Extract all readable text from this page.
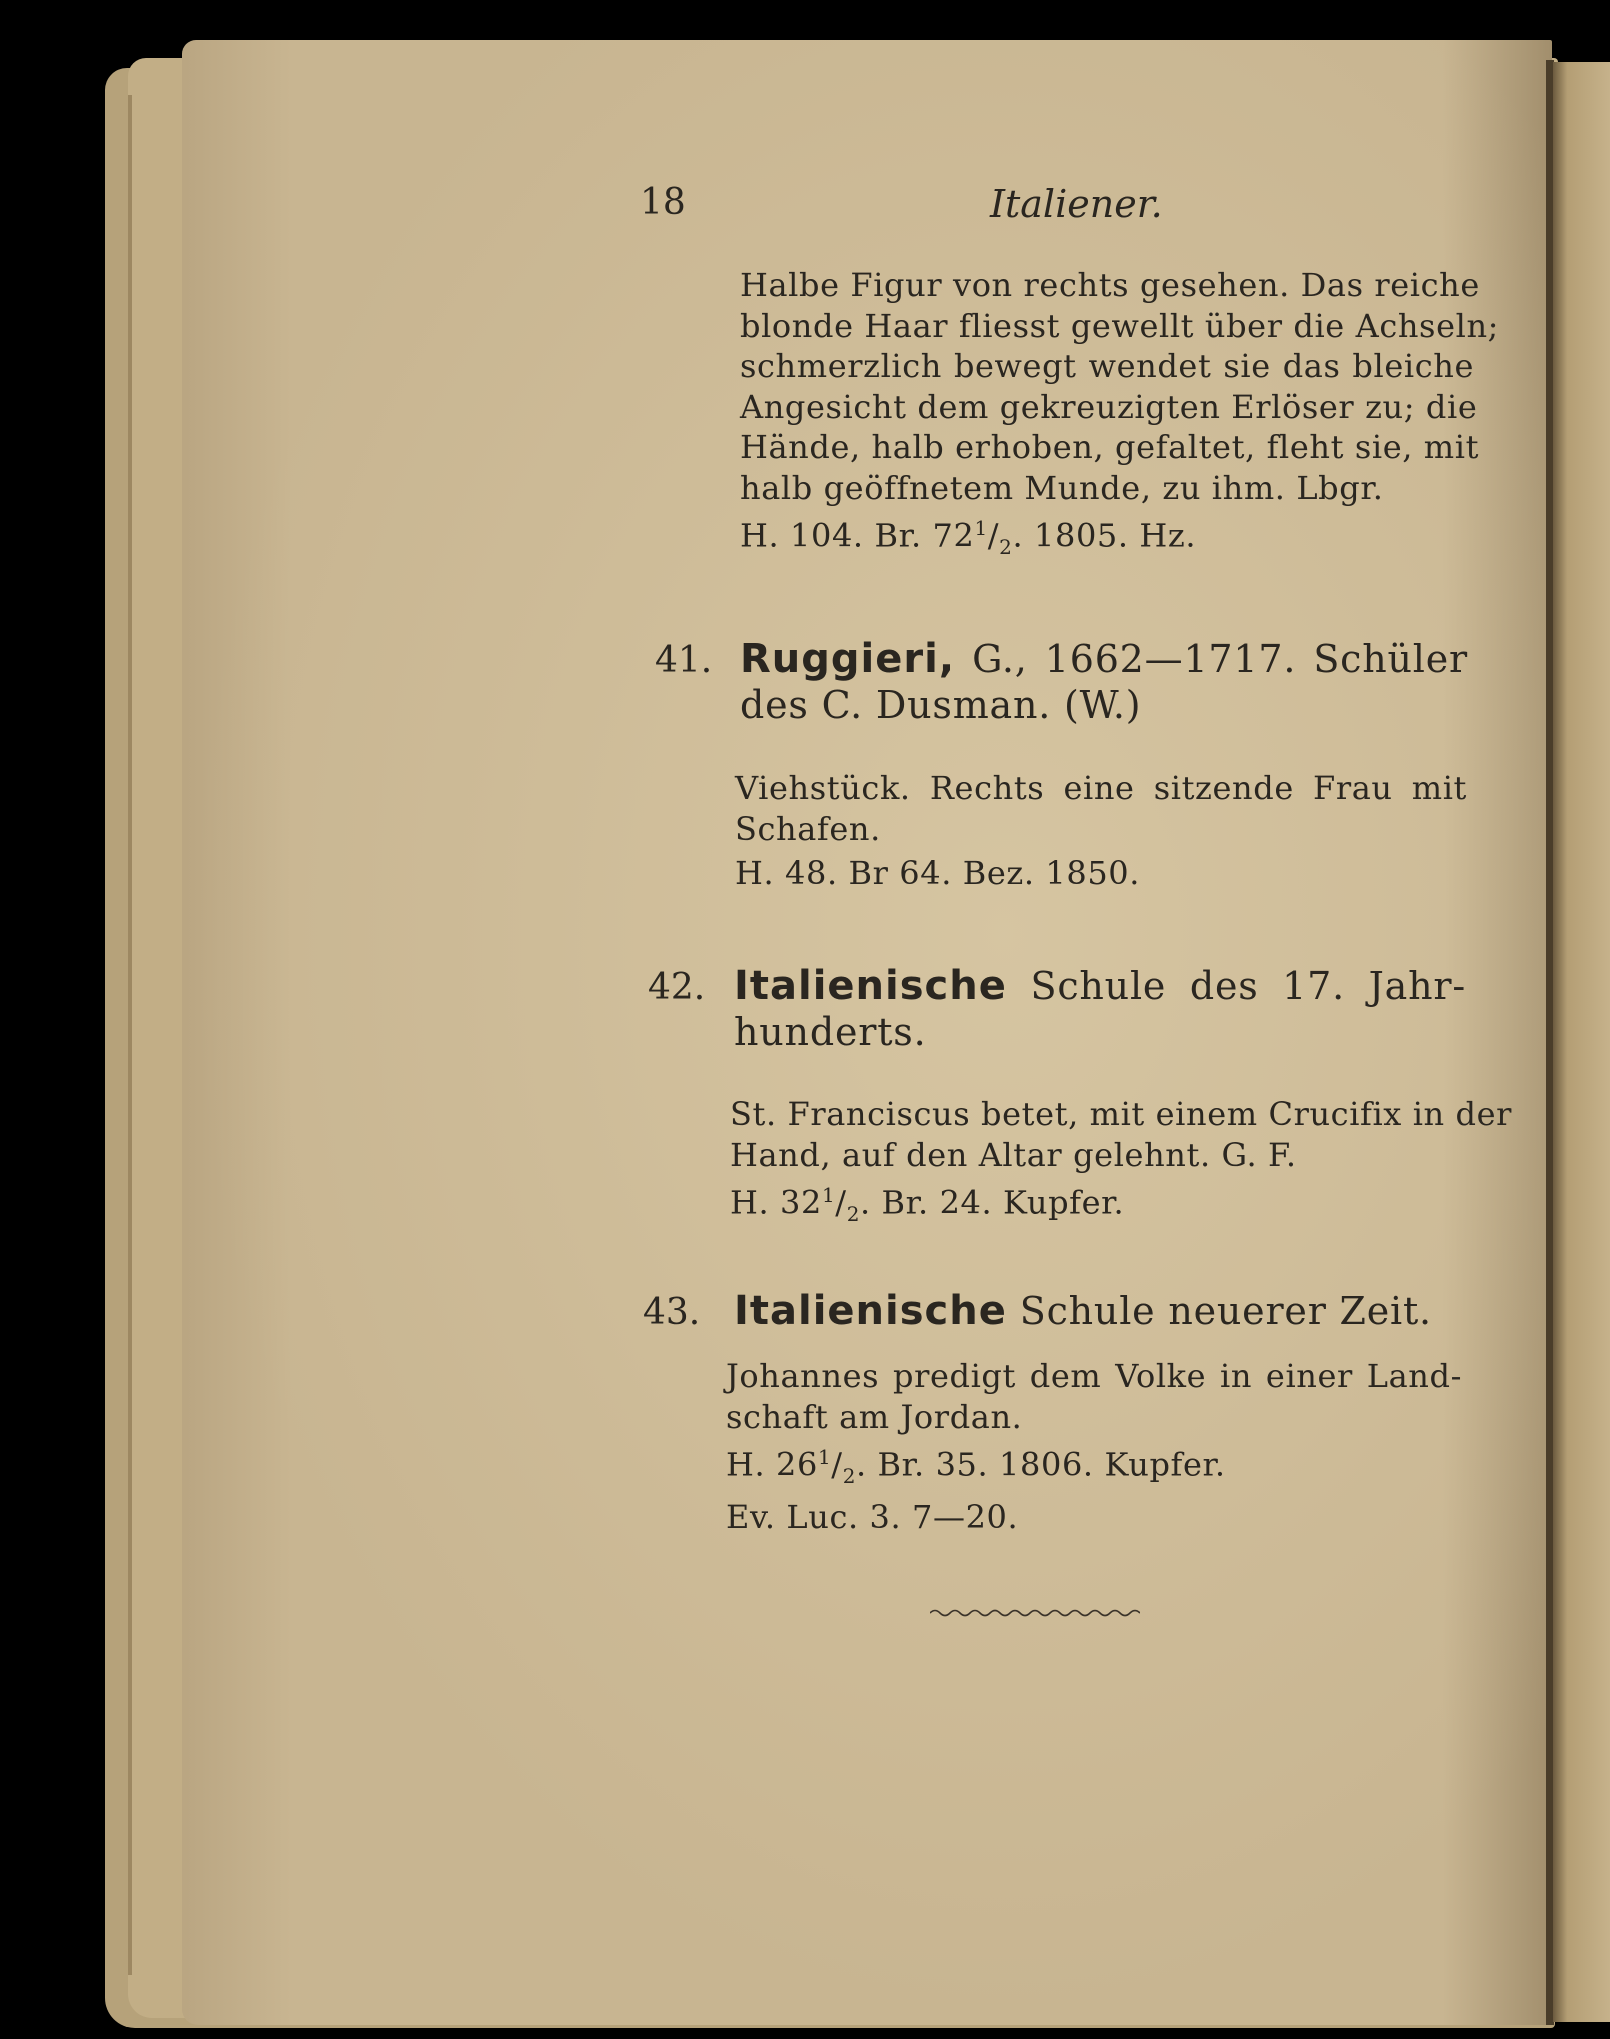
18	Italiener.
Halbe Figur von rechts gesehen. Das reiche
blonde Haar fliesst gewellt über die Achseln;
schmerzlich bewegt wendet sie das bleiche
Angesicht dem gekreuzigten Erlöser zu; die
Hände, halb erhoben, gefaltet, fleht sie, mit
halb geöffnetem Munde, zu ihm. Lbgr.
H. 104. Br. $72^1/_2$. 1805. Hz.
41. Ruggieri, G., 1662—1717. Schüler
des C. Dusman. (W.)
Viehstück. Rechts eine sitzende Frau mit
Schafen.
H. 48. Br 64. Bez. 1850.
42. Italienische Schule des 17. Jahr-
hunderts.
St. Franciscus betet, mit einem Crucifix in der
Hand, auf den Altar gelehnt. G. F.
H. $32^1/_2$. Br. 24. Kupfer.
43. Italienische Schule neuerer Zeit.
Johannes predigt dem Volke in einer Land-
schaft am Jordan.
H. $26^1/_2$. Br. 35. 1806. Kupfer.
Ev. Luc. 3. 7—20.
